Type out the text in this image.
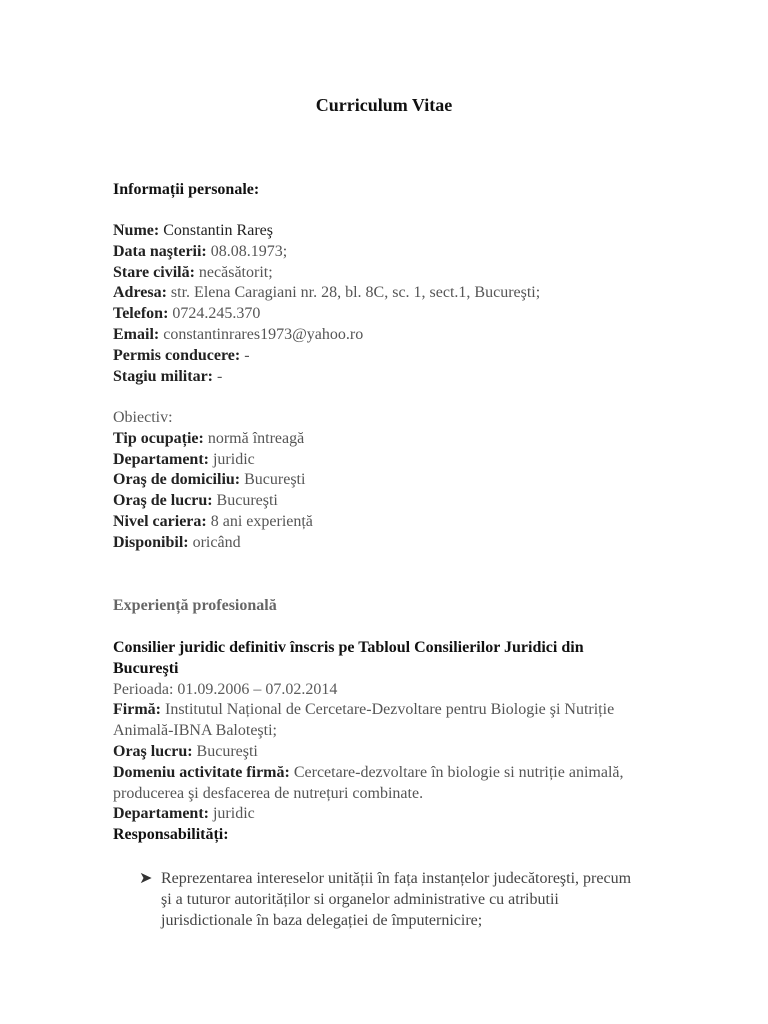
Curriculum Vitae
Informații personale:
Nume: Constantin Rareş
Data naşterii: 08.08.1973;
Stare civilă: necăsătorit;
Adresa: str. Elena Caragiani nr. 28, bl. 8C, sc. 1, sect.1, Bucureşti;
Telefon: 0724.245.370
Email: constantinrares1973@yahoo.ro
Permis conducere: -
Stagiu militar: -
Obiectiv:
Tip ocupație: normă întreagă
Departament: juridic
Oraş de domiciliu: Bucureşti
Oraş de lucru: Bucureşti
Nivel cariera: 8 ani experiență
Disponibil: oricând
Experiență profesională
Consilier juridic definitiv înscris pe Tabloul Consilierilor Juridici din Bucureşti
Perioada: 01.09.2006 – 07.02.2014
Firmă: Institutul Național de Cercetare-Dezvoltare pentru Biologie şi Nutriție Animală-IBNA Baloteşti;
Oraş lucru: Bucureşti
Domeniu activitate firmă: Cercetare-dezvoltare în biologie si nutriție animală, producerea şi desfacerea de nutrețuri combinate.
Departament: juridic
Responsabilități:
➤ Reprezentarea intereselor unității în fața instanțelor judecătoreşti, precum şi a tuturor autorităților si organelor administrative cu atributii jurisdictionale în baza delegației de împuternicire;
